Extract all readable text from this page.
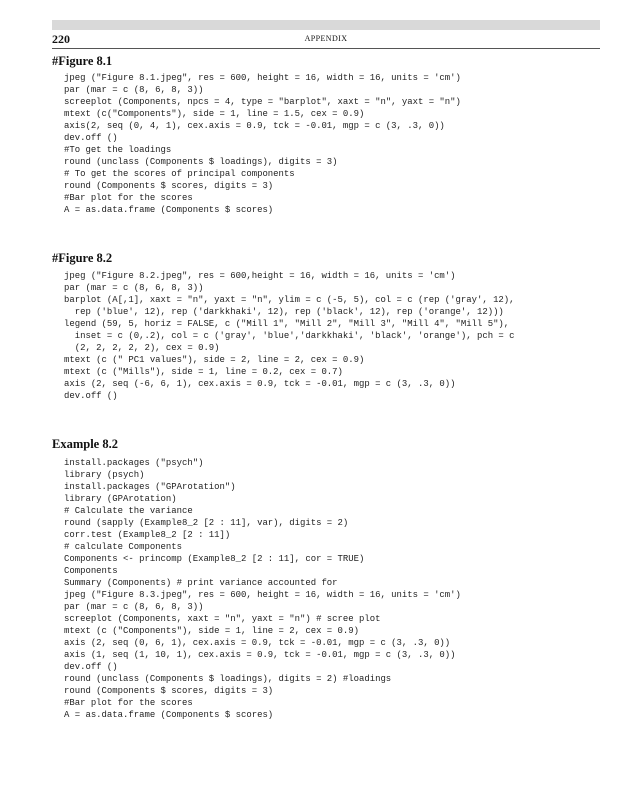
220	APPENDIX
#Figure 8.1
jpeg ("Figure 8.1.jpeg", res = 600, height = 16, width = 16, units = 'cm')
par (mar = c (8, 6, 8, 3))
screeplot (Components, npcs = 4, type = "barplot", xaxt = "n", yaxt = "n")
mtext (c("Components"), side = 1, line = 1.5, cex = 0.9)
axis(2, seq (0, 4, 1), cex.axis = 0.9, tck = -0.01, mgp = c (3, .3, 0))
dev.off ()
#To get the loadings
round (unclass (Components $ loadings), digits = 3)
# To get the scores of principal components
round (Components $ scores, digits = 3)
#Bar plot for the scores
A = as.data.frame (Components $ scores)
#Figure 8.2
jpeg ("Figure 8.2.jpeg", res = 600,height = 16, width = 16, units = 'cm')
par (mar = c (8, 6, 8, 3))
barplot (A[,1], xaxt = "n", yaxt = "n", ylim = c (-5, 5), col = c (rep ('gray', 12),
rep ('blue', 12), rep ('darkkhaki', 12), rep ('black', 12), rep ('orange', 12)))
legend (59, 5, horiz = FALSE, c ("Mill 1", "Mill 2", "Mill 3", "Mill 4", "Mill 5"),
inset = c (0,.2), col = c ('gray', 'blue','darkkhaki', 'black', 'orange'), pch = c
(2, 2, 2, 2, 2), cex = 0.9)
mtext (c (" PC1 values"), side = 2, line = 2, cex = 0.9)
mtext (c ("Mills"), side = 1, line = 0.2, cex = 0.7)
axis (2, seq (-6, 6, 1), cex.axis = 0.9, tck = -0.01, mgp = c (3, .3, 0))
dev.off ()
Example 8.2
install.packages ("psych")
library (psych)
install.packages ("GPArotation")
library (GPArotation)
# Calculate the variance
round (sapply (Example8_2 [2 : 11], var), digits = 2)
corr.test (Example8_2 [2 : 11])
# calculate Components
Components <- princomp (Example8_2 [2 : 11], cor = TRUE)
Components
Summary (Components) # print variance accounted for
jpeg ("Figure 8.3.jpeg", res = 600, height = 16, width = 16, units = 'cm')
par (mar = c (8, 6, 8, 3))
screeplot (Components, xaxt = "n", yaxt = "n") # scree plot
mtext (c ("Components"), side = 1, line = 2, cex = 0.9)
axis (2, seq (0, 6, 1), cex.axis = 0.9, tck = -0.01, mgp = c (3, .3, 0))
axis (1, seq (1, 10, 1), cex.axis = 0.9, tck = -0.01, mgp = c (3, .3, 0))
dev.off ()
round (unclass (Components $ loadings), digits = 2) #loadings
round (Components $ scores, digits = 3)
#Bar plot for the scores
A = as.data.frame (Components $ scores)
